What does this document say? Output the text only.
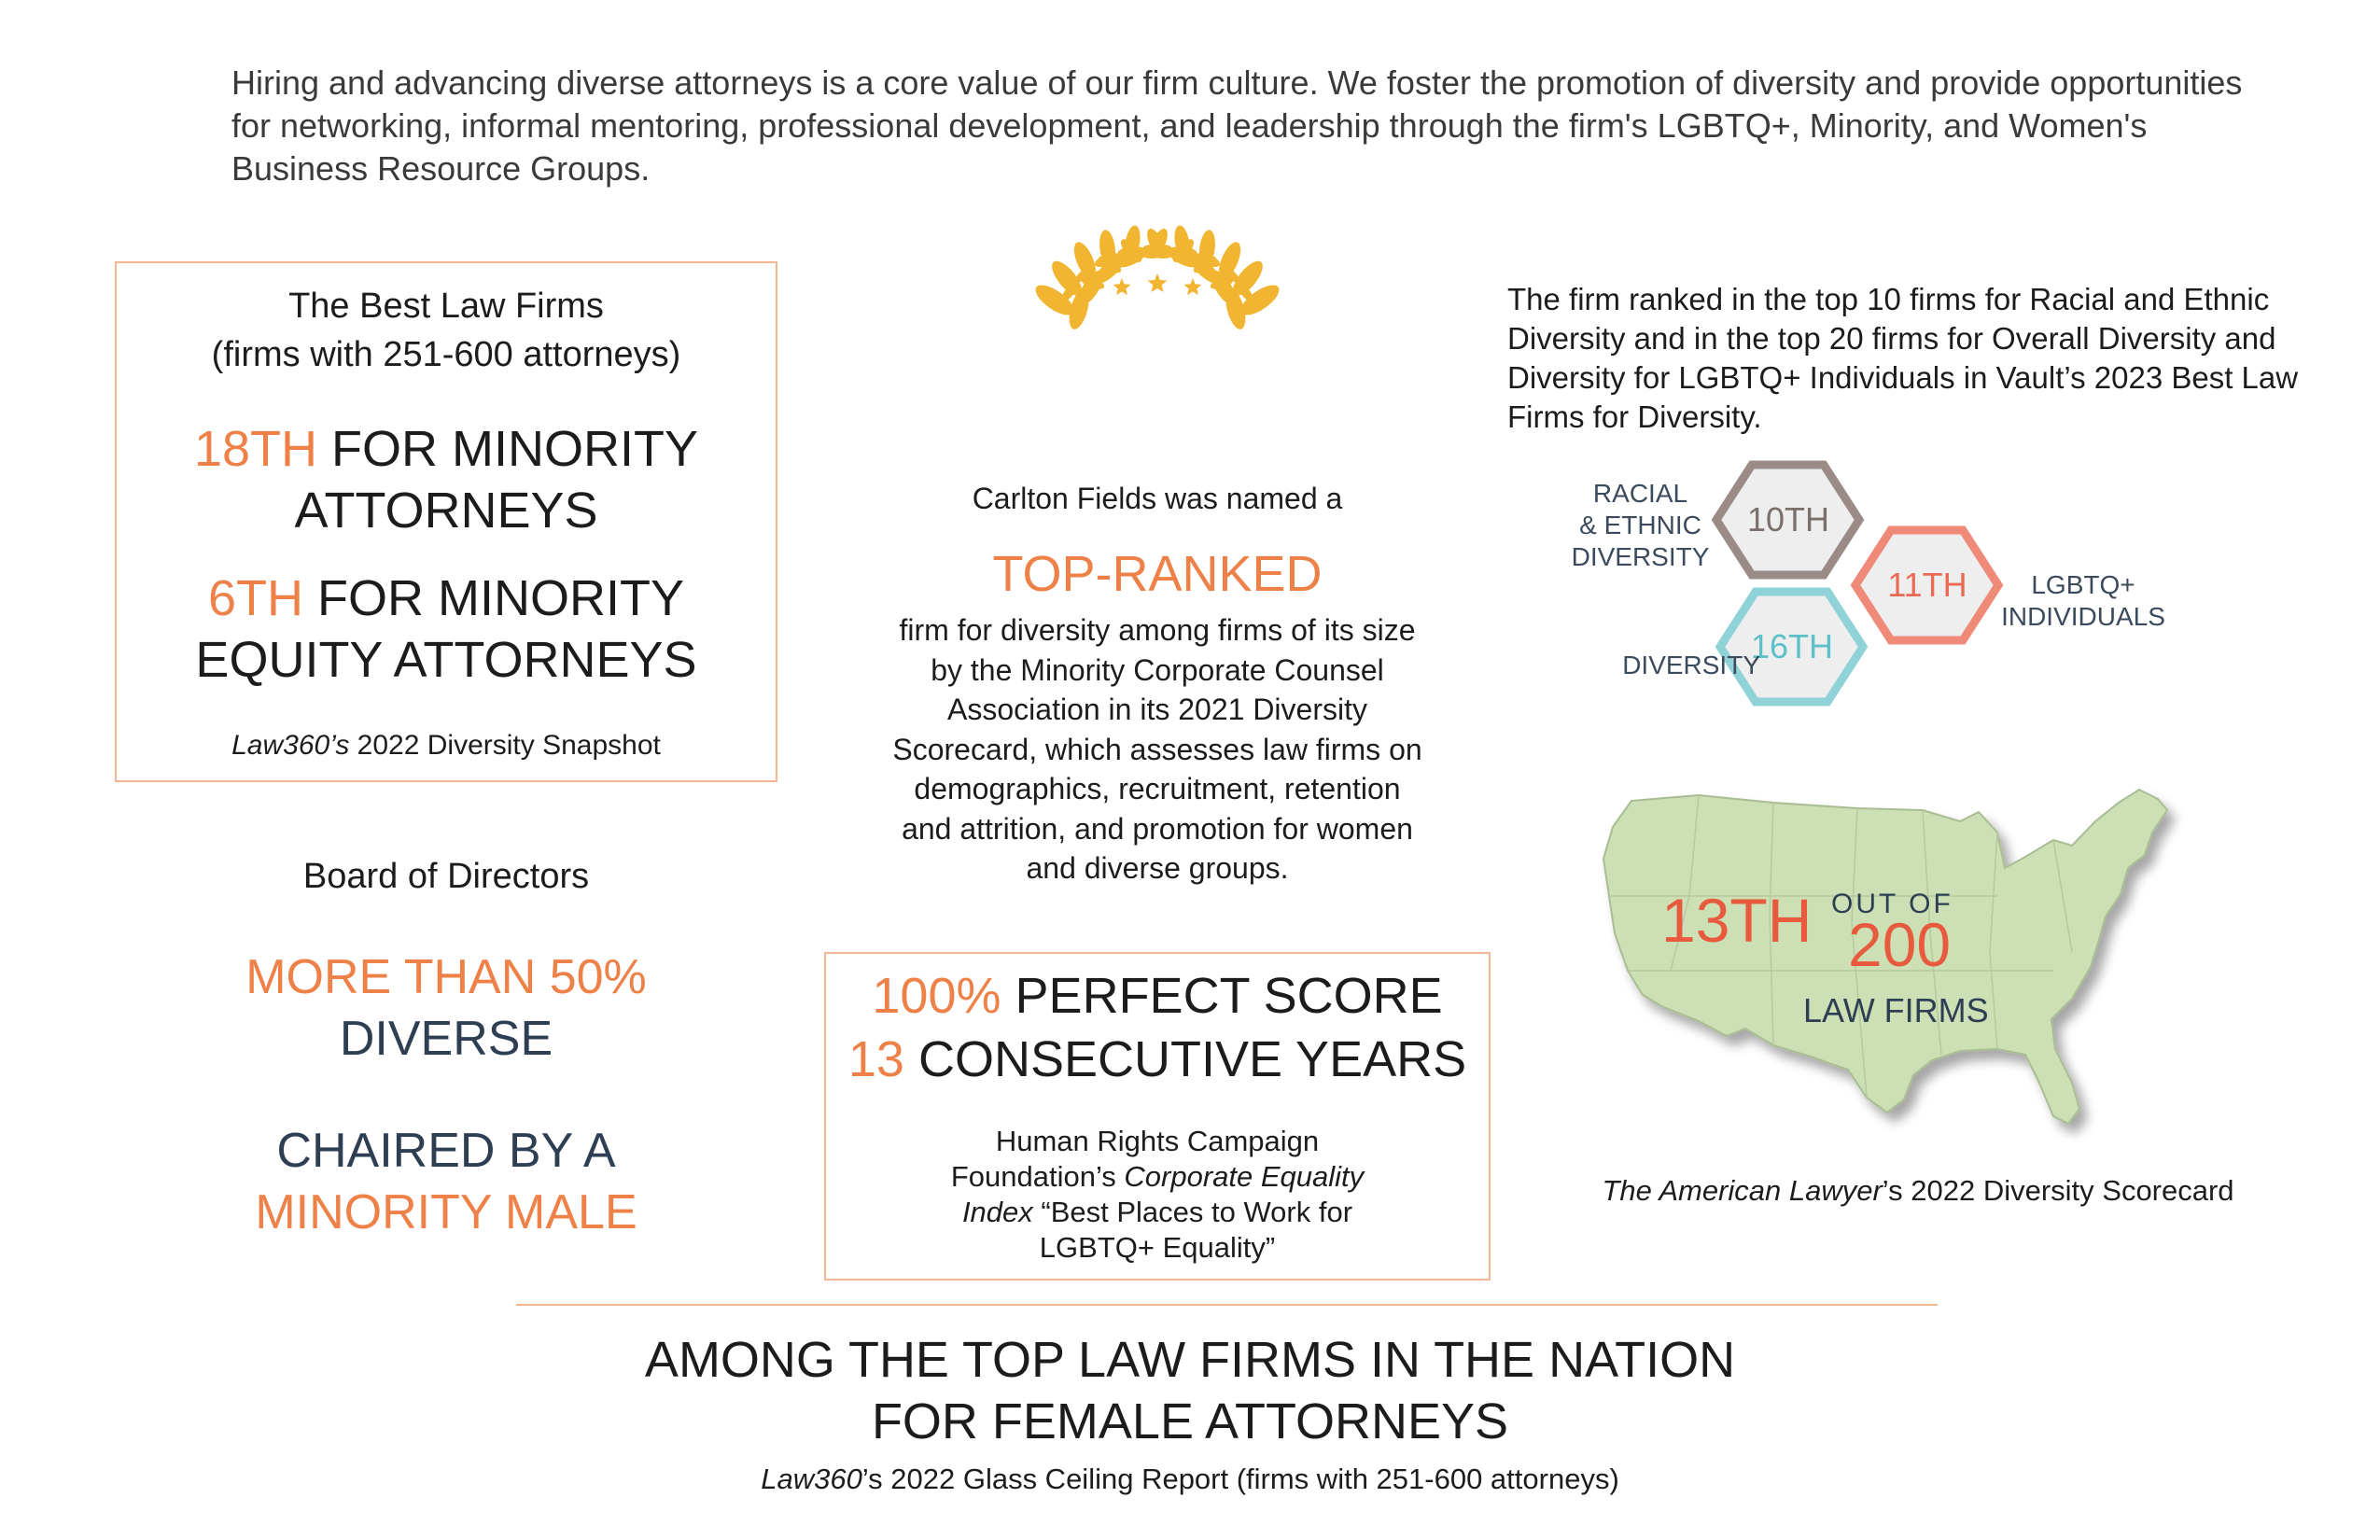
Hiring and advancing diverse attorneys is a core value of our firm culture. We foster the promotion of diversity and provide opportunities for networking, informal mentoring, professional development, and leadership through the firm's LGBTQ+, Minority, and Women's Business Resource Groups.
The Best Law Firms
(firms with 251-600 attorneys)
18TH FOR MINORITY
ATTORNEYS
6TH FOR MINORITY
EQUITY ATTORNEYS
Law360’s 2022 Diversity Snapshot
Board of Directors
MORE THAN 50%
DIVERSE
CHAIRED BY A
MINORITY MALE
Carlton Fields was named a
TOP-RANKED
firm for diversity among firms of its size
by the Minority Corporate Counsel
Association in its 2021 Diversity
Scorecard, which assesses law firms on
demographics, recruitment, retention
and attrition, and promotion for women
and diverse groups.
100% PERFECT SCORE
13 CONSECUTIVE YEARS
Human Rights Campaign
Foundation’s Corporate Equality
Index “Best Places to Work for
LGBTQ+ Equality”
The firm ranked in the top 10 firms for Racial and Ethnic Diversity and in the top 20 firms for Overall Diversity and Diversity for LGBTQ+ Individuals in Vault’s 2023 Best Law Firms for Diversity.
10TH
11TH
16TH
RACIAL
& ETHNIC
DIVERSITY
LGBTQ+
INDIVIDUALS
DIVERSITY
13TH OUT OF
200
LAW FIRMS
The American Lawyer’s 2022 Diversity Scorecard
AMONG THE TOP LAW FIRMS IN THE NATION
FOR FEMALE ATTORNEYS
Law360’s 2022 Glass Ceiling Report (firms with 251-600 attorneys)
